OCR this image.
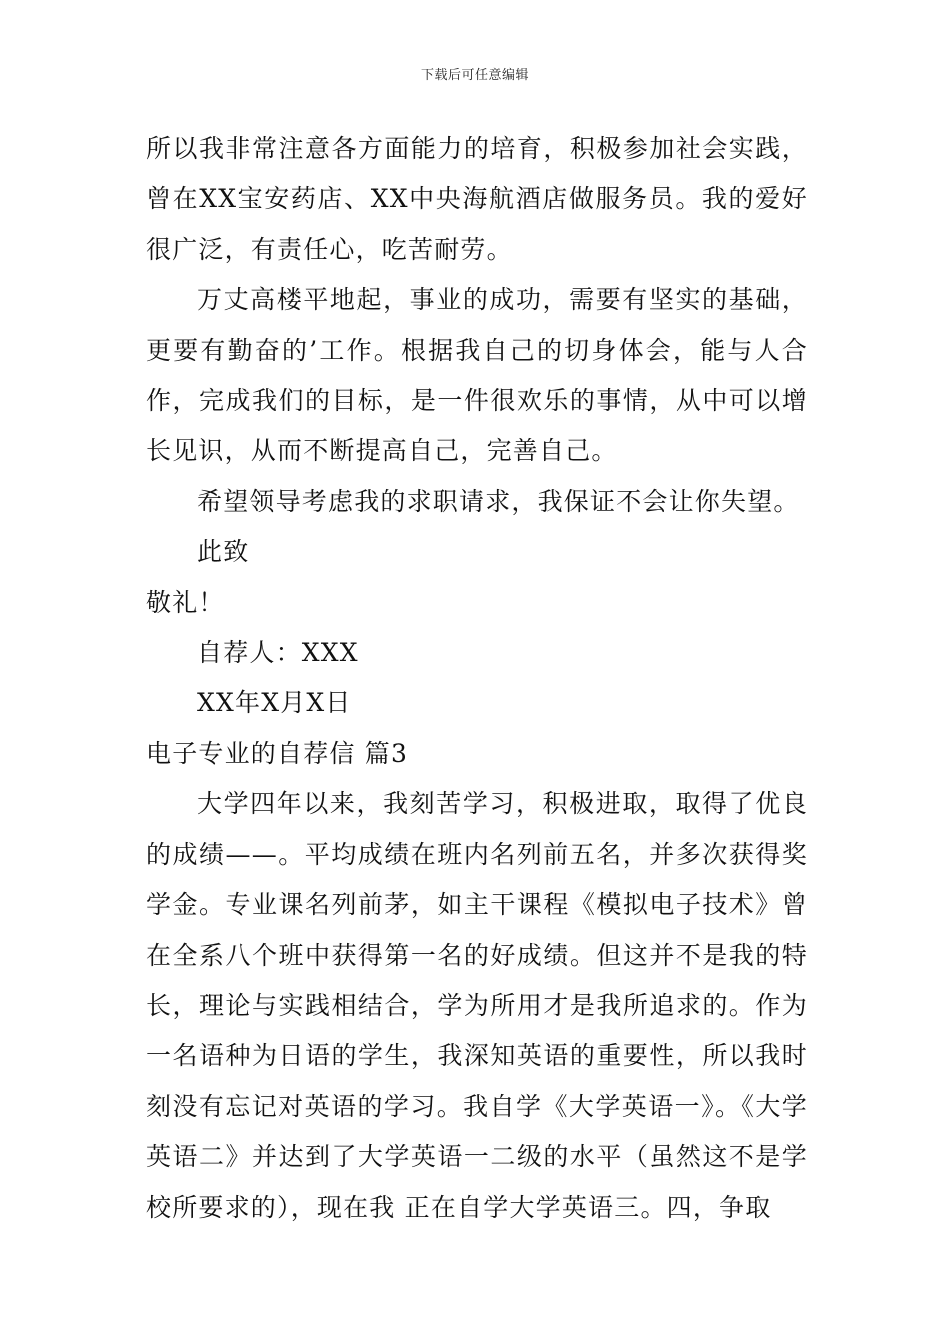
下载后可任意编辑

所以我非常注意各方面能力的培育，积极参加社会实践，曾在XX宝安药店、XX中央海航酒店做服务员。我的爱好很广泛，有责任心，吃苦耐劳。

万丈高楼平地起，事业的成功，需要有坚实的基础，更要有勤奋的’工作。根据我自己的切身体会，能与人合作，完成我们的目标，是一件很欢乐的事情，从中可以增长见识，从而不断提高自己，完善自己。

希望领导考虑我的求职请求，我保证不会让你失望。

此致

敬礼！

自荐人：XXX

XX年X月X日

电子专业的自荐信 篇3

大学四年以来，我刻苦学习，积极进取，取得了优良的成绩——。平均成绩在班内名列前五名，并多次获得奖学金。专业课名列前茅，如主干课程《模拟电子技术》曾在全系八个班中获得第一名的好成绩。但这并不是我的特长，理论与实践相结合，学为所用才是我所追求的。作为一名语种为日语的学生，我深知英语的重要性，所以我时刻没有忘记对英语的学习。我自学《大学英语一》。《大学英语二》并达到了大学英语一二级的水平（虽然这不是学校所要求的），现在我 正在自学大学英语三。四，争取
